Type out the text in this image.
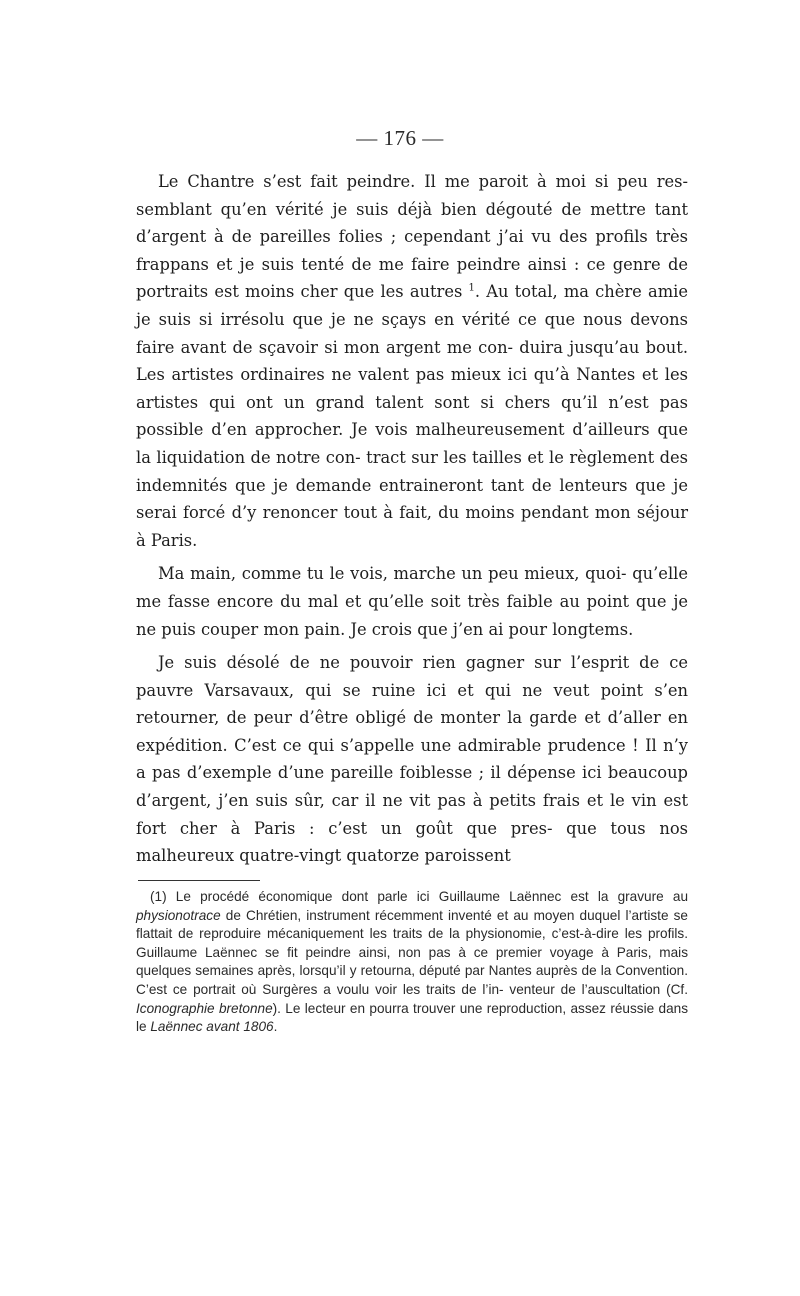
— 176 —

Le Chantre s’est fait peindre. Il me paroit à moi si peu res- semblant qu’en vérité je suis déjà bien dégouté de mettre tant d’argent à de pareilles folies ; cependant j’ai vu des profils très frappans et je suis tenté de me faire peindre ainsi : ce genre de portraits est moins cher que les autres $^1$. Au total, ma chère amie je suis si irrésolu que je ne sçays en vérité ce que nous devons faire avant de sçavoir si mon argent me con- duira jusqu’au bout. Les artistes ordinaires ne valent pas mieux ici qu’à Nantes et les artistes qui ont un grand talent sont si chers qu’il n’est pas possible d’en approcher. Je vois malheureusement d’ailleurs que la liquidation de notre con- tract sur les tailles et le règlement des indemnités que je demande entraineront tant de lenteurs que je serai forcé d’y renoncer tout à fait, du moins pendant mon séjour à Paris.

Ma main, comme tu le vois, marche un peu mieux, quoi- qu’elle me fasse encore du mal et qu’elle soit très faible au point que je ne puis couper mon pain. Je crois que j’en ai pour longtems.

Je suis désolé de ne pouvoir rien gagner sur l’esprit de ce pauvre Varsavaux, qui se ruine ici et qui ne veut point s’en retourner, de peur d’être obligé de monter la garde et d’aller en expédition. C’est ce qui s’appelle une admirable prudence ! Il n’y a pas d’exemple d’une pareille foiblesse ; il dépense ici beaucoup d’argent, j’en suis sûr, car il ne vit pas à petits frais et le vin est fort cher à Paris : c’est un goût que pres- que tous nos malheureux quatre-vingt quatorze paroissent

(1) Le procédé économique dont parle ici Guillaume Laënnec est la gravure au physionotrace de Chrétien, instrument récemment inventé et au moyen duquel l’artiste se flattait de reproduire mécaniquement les traits de la physionomie, c’est-à-dire les profils. Guillaume Laënnec se fit peindre ainsi, non pas à ce premier voyage à Paris, mais quelques semaines après, lorsqu’il y retourna, député par Nantes auprès de la Convention. C’est ce portrait où Surgères a voulu voir les traits de l’in- venteur de l’auscultation (Cf. Iconographie bretonne). Le lecteur en pourra trouver une reproduction, assez réussie dans le Laënnec avant 1806.
